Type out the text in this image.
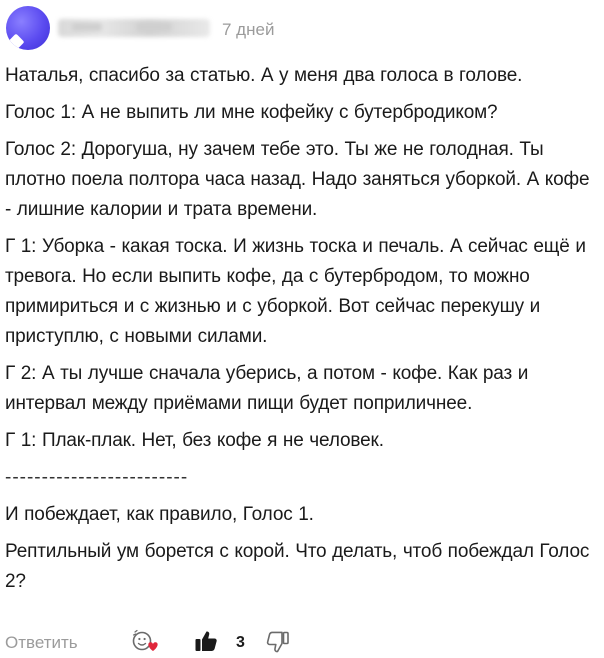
7 дней

Наталья, спасибо за статью. А у меня два голоса в голове.

Голос 1: А не выпить ли мне кофейку с бутербродиком?

Голос 2: Дорогуша, ну зачем тебе это. Ты же не голодная. Ты плотно поела полтора часа назад. Надо заняться уборкой. А кофе - лишние калории и трата времени.

Г 1: Уборка - какая тоска. И жизнь тоска и печаль. А сейчас ещё и тревога. Но если выпить кофе, да с бутербродом, то можно примириться и с жизнью и с уборкой. Вот сейчас перекушу и приступлю, с новыми силами.

Г 2: А ты лучше сначала уберись, а потом - кофе. Как раз и интервал между приёмами пищи будет поприличнее.

Г 1: Плак-плак. Нет, без кофе я не человек.

-------------------------

И побеждает, как правило, Голос 1.

Рептильный ум борется с корой. Что делать, чтоб побеждал Голос 2?

Ответить	3
